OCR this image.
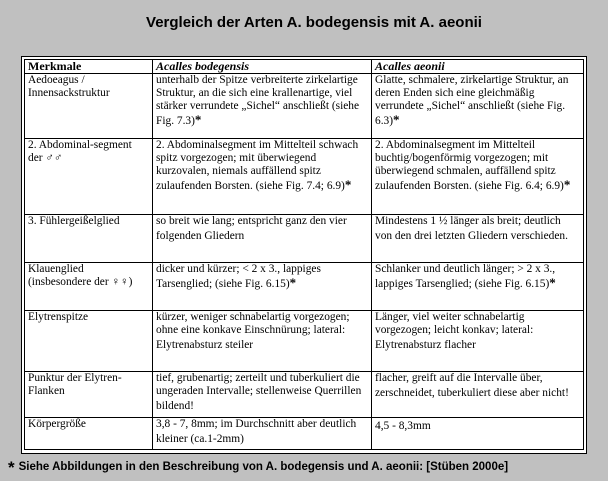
Vergleich der Arten A. bodegensis mit A. aeonii
Merkmale	Acalles bodegensis	Acalles aeonii
Aedoeagus / Innensackstruktur	unterhalb der Spitze verbreiterte zirkelartige Struktur, an die sich eine krallenartige, viel stärker verrundete „Sichel“ anschließt (siehe Fig. 7.3)*	Glatte, schmalere, zirkelartige Struktur, an deren Enden sich eine gleichmäßig verrundete „Sichel“ anschließt (siehe Fig. 6.3)*
2. Abdominal-segment der ♂♂	2. Abdominalsegment im Mittelteil schwach spitz vorgezogen; mit überwiegend kurzovalen, niemals auffällend spitz zulaufenden Borsten. (siehe Fig. 7.4; 6.9)*	2. Abdominalsegment im Mittelteil buchtig/bogenförmig vorgezogen; mit überwiegend schmalen, auffällend spitz zulaufenden Borsten. (siehe Fig. 6.4; 6.9)*
3. Fühlergeißelglied	so breit wie lang; entspricht ganz den vier folgenden Gliedern	Mindestens 1 ½ länger als breit; deutlich von den drei letzten Gliedern verschieden.
Klauenglied (insbesondere der ♀♀)	dicker und kürzer; < 2 x 3., lappiges Tarsenglied; (siehe Fig. 6.15)*	Schlanker und deutlich länger; > 2 x 3., lappiges Tarsenglied; (siehe Fig. 6.15)*
Elytrenspitze	kürzer, weniger schnabelartig vorgezogen; ohne eine konkave Einschnürung; lateral: Elytrenabsturz steiler	Länger, viel weiter schnabelartig vorgezogen; leicht konkav; lateral: Elytrenabsturz flacher
Punktur der Elytren-Flanken	tief, grubenartig; zerteilt und tuberkuliert die ungeraden Intervalle; stellenweise Querrillen bildend!	flacher, greift auf die Intervalle über, zerschneidet, tuberkuliert diese aber nicht!
Körpergröße	3,8 - 7, 8mm; im Durchschnitt aber deutlich kleiner (ca.1-2mm)	4,5 - 8,3mm
* Siehe Abbildungen in den Beschreibung von A. bodegensis und A. aeonii: [Stüben 2000e]
